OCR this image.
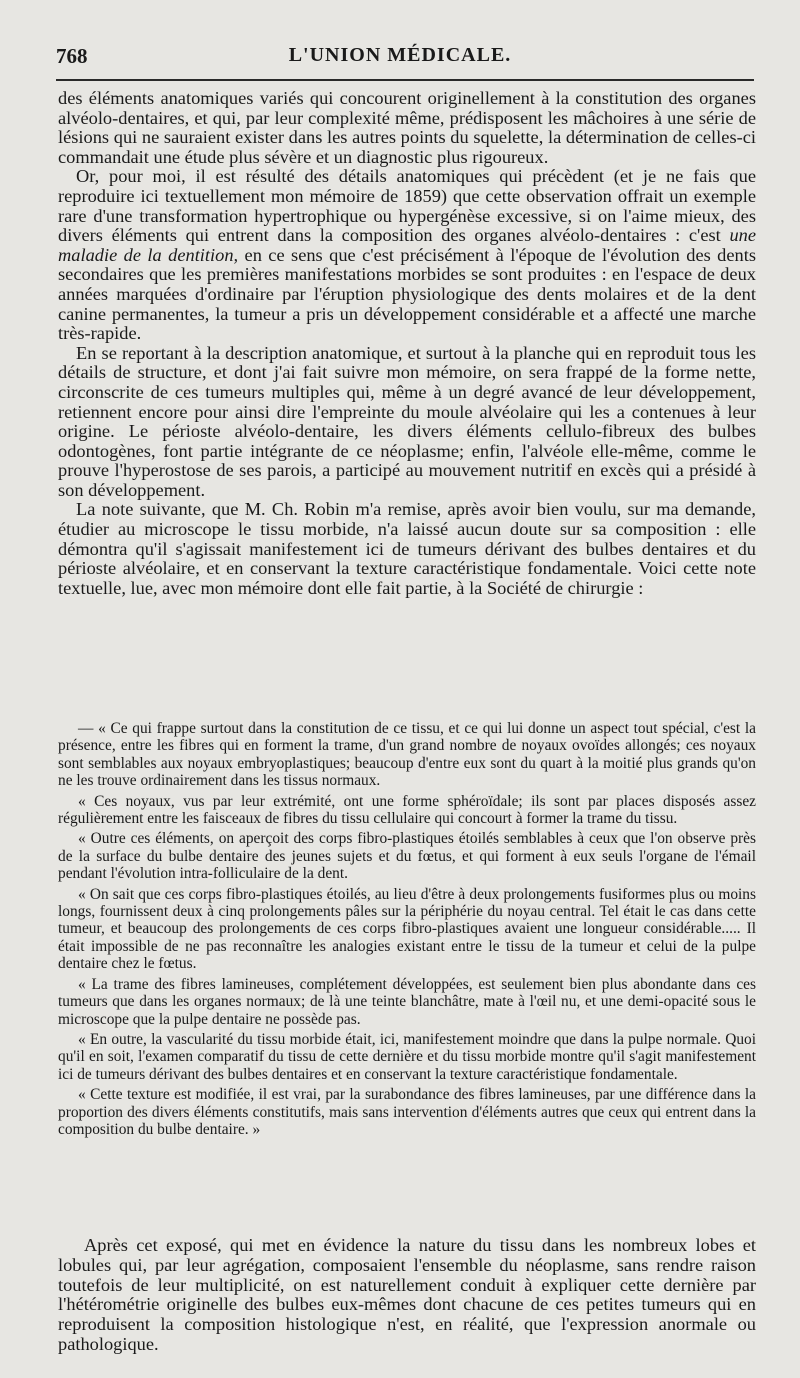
768	L'UNION MÉDICALE.

des éléments anatomiques variés qui concourent originellement à la constitution des organes alvéolo-dentaires, et qui, par leur complexité même, prédisposent les mâchoires à une série de lésions qui ne sauraient exister dans les autres points du squelette, la détermination de celles-ci commandait une étude plus sévère et un diagnostic plus rigoureux.

Or, pour moi, il est résulté des détails anatomiques qui précèdent (et je ne fais que reproduire ici textuellement mon mémoire de 1859) que cette observation offrait un exemple rare d'une transformation hypertrophique ou hypergénèse excessive, si on l'aime mieux, des divers éléments qui entrent dans la composition des organes alvéolo-dentaires : c'est une maladie de la dentition, en ce sens que c'est précisément à l'époque de l'évolution des dents secondaires que les premières manifestations morbides se sont produites : en l'espace de deux années marquées d'ordinaire par l'éruption physiologique des dents molaires et de la dent canine permanentes, la tumeur a pris un développement considérable et a affecté une marche très-rapide.

En se reportant à la description anatomique, et surtout à la planche qui en reproduit tous les détails de structure, et dont j'ai fait suivre mon mémoire, on sera frappé de la forme nette, circonscrite de ces tumeurs multiples qui, même à un degré avancé de leur développement, retiennent encore pour ainsi dire l'empreinte du moule alvéolaire qui les a contenues à leur origine. Le périoste alvéolo-dentaire, les divers éléments cellulo-fibreux des bulbes odontogènes, font partie intégrante de ce néoplasme; enfin, l'alvéole elle-même, comme le prouve l'hyperostose de ses parois, a participé au mouvement nutritif en excès qui a présidé à son développement.

La note suivante, que M. Ch. Robin m'a remise, après avoir bien voulu, sur ma demande, étudier au microscope le tissu morbide, n'a laissé aucun doute sur sa composition : elle démontra qu'il s'agissait manifestement ici de tumeurs dérivant des bulbes dentaires et du périoste alvéolaire, et en conservant la texture caractéristique fondamentale. Voici cette note textuelle, lue, avec mon mémoire dont elle fait partie, à la Société de chirurgie :

— « Ce qui frappe surtout dans la constitution de ce tissu, et ce qui lui donne un aspect tout spécial, c'est la présence, entre les fibres qui en forment la trame, d'un grand nombre de noyaux ovoïdes allongés; ces noyaux sont semblables aux noyaux embryoplastiques; beaucoup d'entre eux sont du quart à la moitié plus grands qu'on ne les trouve ordinairement dans les tissus normaux.

« Ces noyaux, vus par leur extrémité, ont une forme sphéroïdale; ils sont par places disposés assez régulièrement entre les faisceaux de fibres du tissu cellulaire qui concourt à former la trame du tissu.

« Outre ces éléments, on aperçoit des corps fibro-plastiques étoilés semblables à ceux que l'on observe près de la surface du bulbe dentaire des jeunes sujets et du fœtus, et qui forment à eux seuls l'organe de l'émail pendant l'évolution intra-folliculaire de la dent.

« On sait que ces corps fibro-plastiques étoilés, au lieu d'être à deux prolongements fusiformes plus ou moins longs, fournissent deux à cinq prolongements pâles sur la périphérie du noyau central. Tel était le cas dans cette tumeur, et beaucoup des prolongements de ces corps fibro-plastiques avaient une longueur considérable..... Il était impossible de ne pas reconnaître les analogies existant entre le tissu de la tumeur et celui de la pulpe dentaire chez le fœtus.

« La trame des fibres lamineuses, complétement développées, est seulement bien plus abondante dans ces tumeurs que dans les organes normaux; de là une teinte blanchâtre, mate à l'œil nu, et une demi-opacité sous le microscope que la pulpe dentaire ne possède pas.

« En outre, la vascularité du tissu morbide était, ici, manifestement moindre que dans la pulpe normale. Quoi qu'il en soit, l'examen comparatif du tissu de cette dernière et du tissu morbide montre qu'il s'agit manifestement ici de tumeurs dérivant des bulbes dentaires et en conservant la texture caractéristique fondamentale.

« Cette texture est modifiée, il est vrai, par la surabondance des fibres lamineuses, par une différence dans la proportion des divers éléments constitutifs, mais sans intervention d'éléments autres que ceux qui entrent dans la composition du bulbe dentaire. »

Après cet exposé, qui met en évidence la nature du tissu dans les nombreux lobes et lobules qui, par leur agrégation, composaient l'ensemble du néoplasme, sans rendre raison toutefois de leur multiplicité, on est naturellement conduit à expliquer cette dernière par l'hétérométrie originelle des bulbes eux-mêmes dont chacune de ces petites tumeurs qui en reproduisent la composition histologique n'est, en réalité, que l'expression anormale ou pathologique.
